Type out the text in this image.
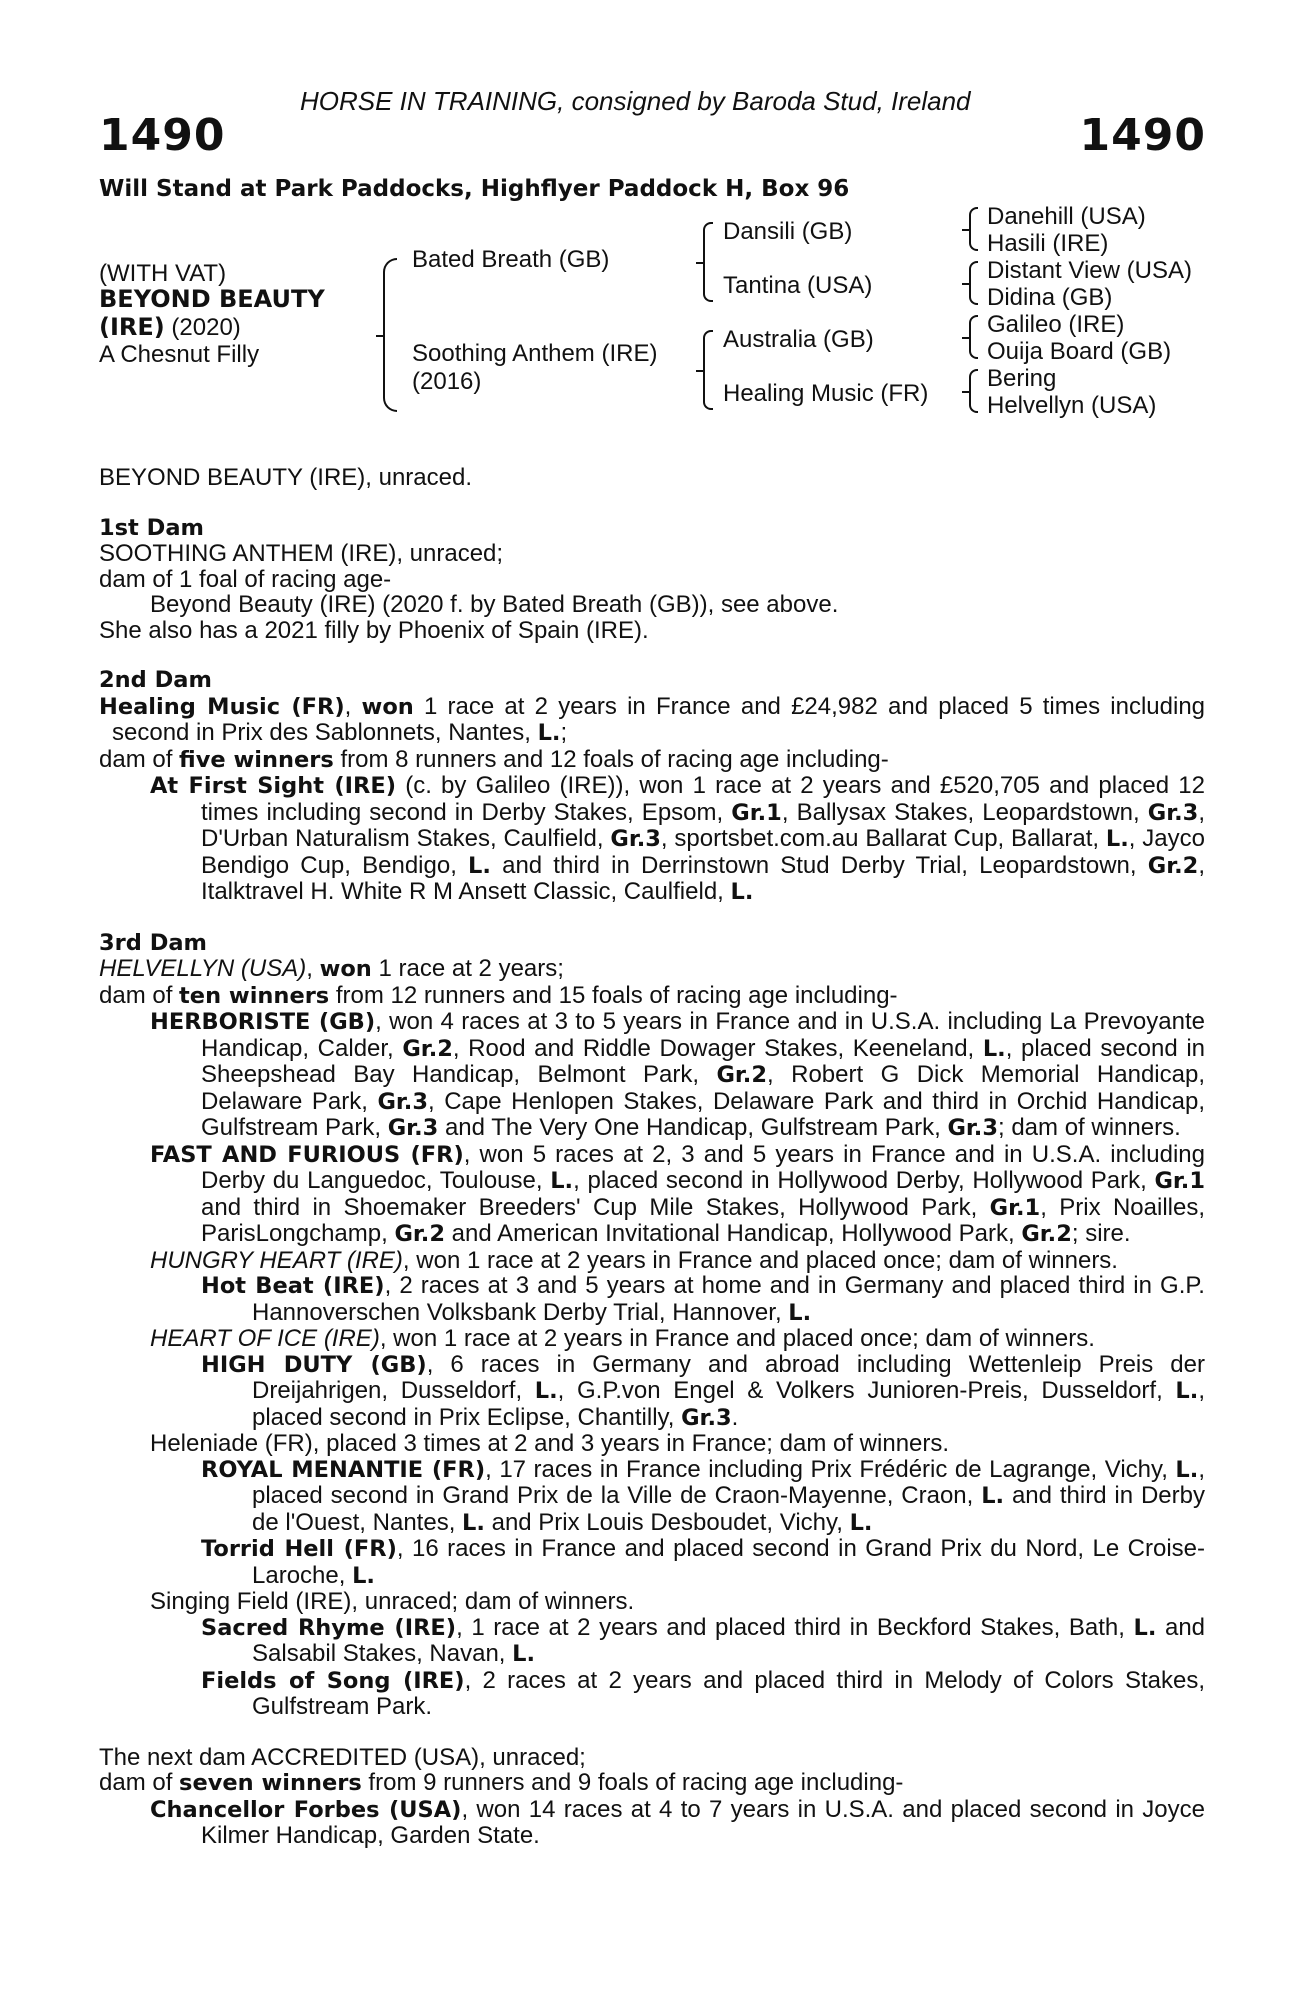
HORSE IN TRAINING, consigned by Baroda Stud, Ireland
1490	1490
Will Stand at Park Paddocks, Highflyer Paddock H, Box 96
(WITH VAT)
BEYOND BEAUTY
(IRE) (2020)
A Chesnut Filly
Bated Breath (GB)
Soothing Anthem (IRE)
(2016)
Dansili (GB)
Tantina (USA)
Australia (GB)
Healing Music (FR)
Danehill (USA)
Hasili (IRE)
Distant View (USA)
Didina (GB)
Galileo (IRE)
Ouija Board (GB)
Bering
Helvellyn (USA)

BEYOND BEAUTY (IRE), unraced.

1st Dam

SOOTHING ANTHEM (IRE), unraced;

dam of 1 foal of racing age-

Beyond Beauty (IRE) (2020 f. by Bated Breath (GB)), see above.

She also has a 2021 filly by Phoenix of Spain (IRE).

2nd Dam

Healing Music (FR), won 1 race at 2 years in France and £24,982 and placed 5 times including second in Prix des Sablonnets, Nantes, L.;

dam of five winners from 8 runners and 12 foals of racing age including-

At First Sight (IRE) (c. by Galileo (IRE)), won 1 race at 2 years and £520,705 and placed 12 times including second in Derby Stakes, Epsom, Gr.1, Ballysax Stakes, Leopardstown, Gr.3, D'Urban Naturalism Stakes, Caulfield, Gr.3, sportsbet.com.au Ballarat Cup, Ballarat, L., Jayco Bendigo Cup, Bendigo, L. and third in Derrinstown Stud Derby Trial, Leopardstown, Gr.2, Italktravel H. White R M Ansett Classic, Caulfield, L.

3rd Dam

HELVELLYN (USA), won 1 race at 2 years;

dam of ten winners from 12 runners and 15 foals of racing age including-

HERBORISTE (GB), won 4 races at 3 to 5 years in France and in U.S.A. including La Prevoyante Handicap, Calder, Gr.2, Rood and Riddle Dowager Stakes, Keeneland, L., placed second in Sheepshead Bay Handicap, Belmont Park, Gr.2, Robert G Dick Memorial Handicap, Delaware Park, Gr.3, Cape Henlopen Stakes, Delaware Park and third in Orchid Handicap, Gulfstream Park, Gr.3 and The Very One Handicap, Gulfstream Park, Gr.3; dam of winners.

FAST AND FURIOUS (FR), won 5 races at 2, 3 and 5 years in France and in U.S.A. including Derby du Languedoc, Toulouse, L., placed second in Hollywood Derby, Hollywood Park, Gr.1 and third in Shoemaker Breeders' Cup Mile Stakes, Hollywood Park, Gr.1, Prix Noailles, ParisLongchamp, Gr.2 and American Invitational Handicap, Hollywood Park, Gr.2; sire.

HUNGRY HEART (IRE), won 1 race at 2 years in France and placed once; dam of winners.

Hot Beat (IRE), 2 races at 3 and 5 years at home and in Germany and placed third in G.P. Hannoverschen Volksbank Derby Trial, Hannover, L.

HEART OF ICE (IRE), won 1 race at 2 years in France and placed once; dam of winners.

HIGH DUTY (GB), 6 races in Germany and abroad including Wettenleip Preis der Dreijahrigen, Dusseldorf, L., G.P.von Engel & Volkers Junioren-Preis, Dusseldorf, L., placed second in Prix Eclipse, Chantilly, Gr.3.

Heleniade (FR), placed 3 times at 2 and 3 years in France; dam of winners.

ROYAL MENANTIE (FR), 17 races in France including Prix Frédéric de Lagrange, Vichy, L., placed second in Grand Prix de la Ville de Craon-Mayenne, Craon, L. and third in Derby de l'Ouest, Nantes, L. and Prix Louis Desboudet, Vichy, L.

Torrid Hell (FR), 16 races in France and placed second in Grand Prix du Nord, Le Croise-Laroche, L.

Singing Field (IRE), unraced; dam of winners.

Sacred Rhyme (IRE), 1 race at 2 years and placed third in Beckford Stakes, Bath, L. and Salsabil Stakes, Navan, L.

Fields of Song (IRE), 2 races at 2 years and placed third in Melody of Colors Stakes, Gulfstream Park.

The next dam ACCREDITED (USA), unraced;

dam of seven winners from 9 runners and 9 foals of racing age including-

Chancellor Forbes (USA), won 14 races at 4 to 7 years in U.S.A. and placed second in Joyce Kilmer Handicap, Garden State.
